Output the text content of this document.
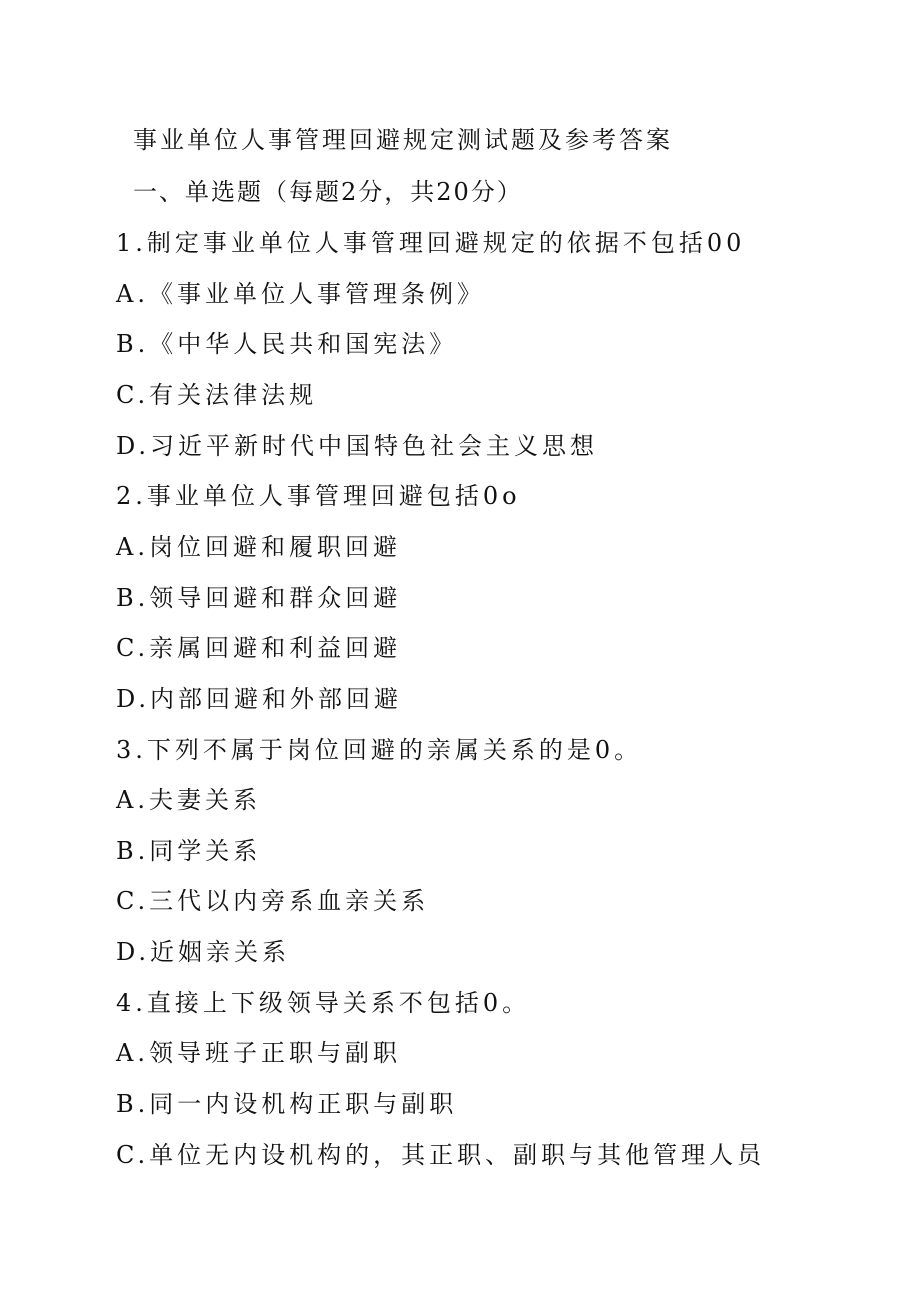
事业单位人事管理回避规定测试题及参考答案
一、单选题（每题2分，共20分）
1.制定事业单位人事管理回避规定的依据不包括00
A.《事业单位人事管理条例》
B.《中华人民共和国宪法》
C.有关法律法规
D.习近平新时代中国特色社会主义思想
2.事业单位人事管理回避包括0o
A.岗位回避和履职回避
B.领导回避和群众回避
C.亲属回避和利益回避
D.内部回避和外部回避
3.下列不属于岗位回避的亲属关系的是0。
A.夫妻关系
B.同学关系
C.三代以内旁系血亲关系
D.近姻亲关系
4.直接上下级领导关系不包括0。
A.领导班子正职与副职
B.同一内设机构正职与副职
C.单位无内设机构的，其正职、副职与其他管理人员
